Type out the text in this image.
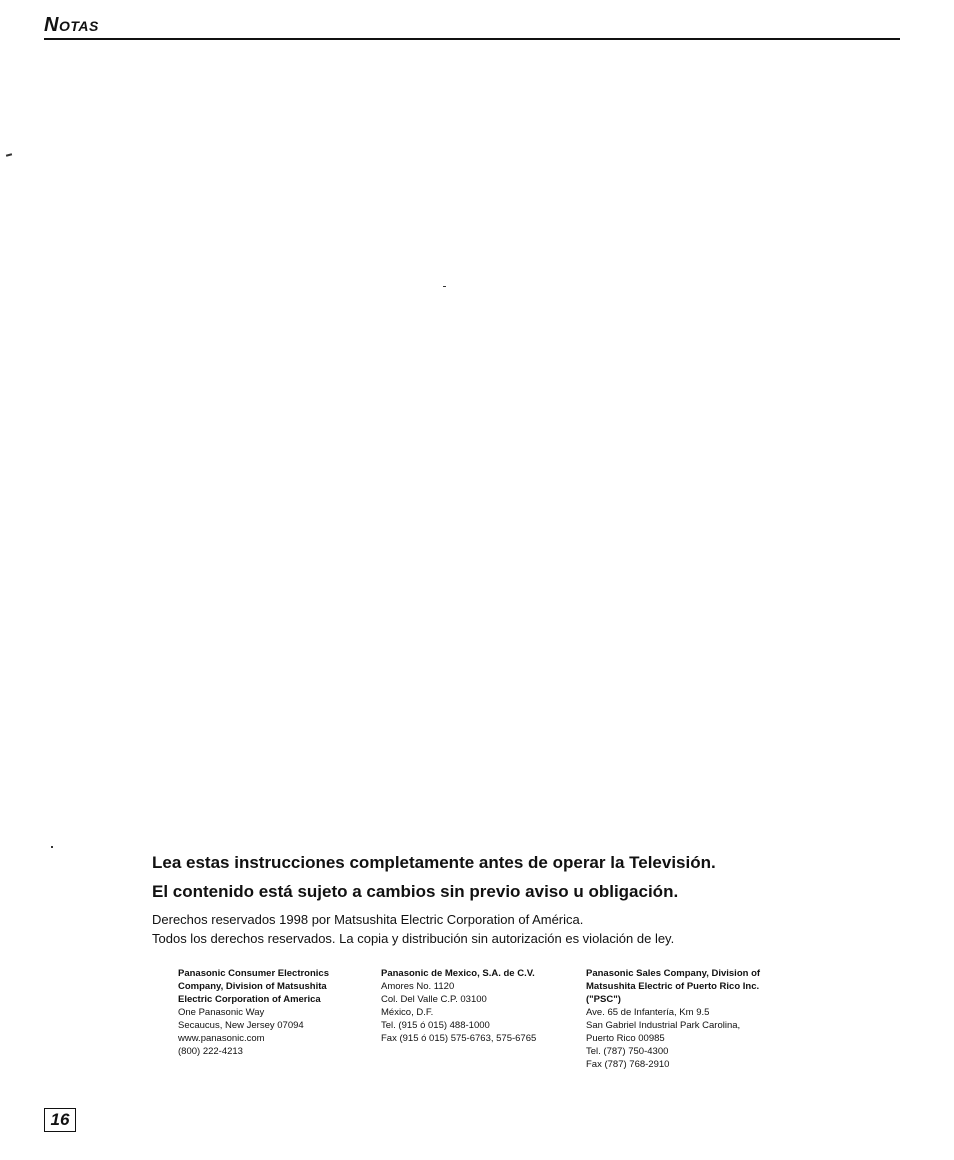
Notas
Lea estas instrucciones completamente antes de operar la Televisión.
El contenido está sujeto a cambios sin previo aviso u obligación.
Derechos reservados 1998 por Matsushita Electric Corporation of América.
Todos los derechos reservados. La copia y distribución sin autorización es violación de ley.
Panasonic Consumer Electronics
Company, Division of Matsushita
Electric Corporation of America
One Panasonic Way
Secaucus, New Jersey 07094
www.panasonic.com
(800) 222-4213
Panasonic de Mexico, S.A. de C.V.
Amores No. 1120
Col. Del Valle C.P. 03100
México, D.F.
Tel. (915 ó 015) 488-1000
Fax (915 ó 015) 575-6763, 575-6765
Panasonic Sales Company, Division of
Matsushita Electric of Puerto Rico Inc.
("PSC")
Ave. 65 de Infantería, Km 9.5
San Gabriel Industrial Park Carolina,
Puerto Rico 00985
Tel. (787) 750-4300
Fax (787) 768-2910
16
